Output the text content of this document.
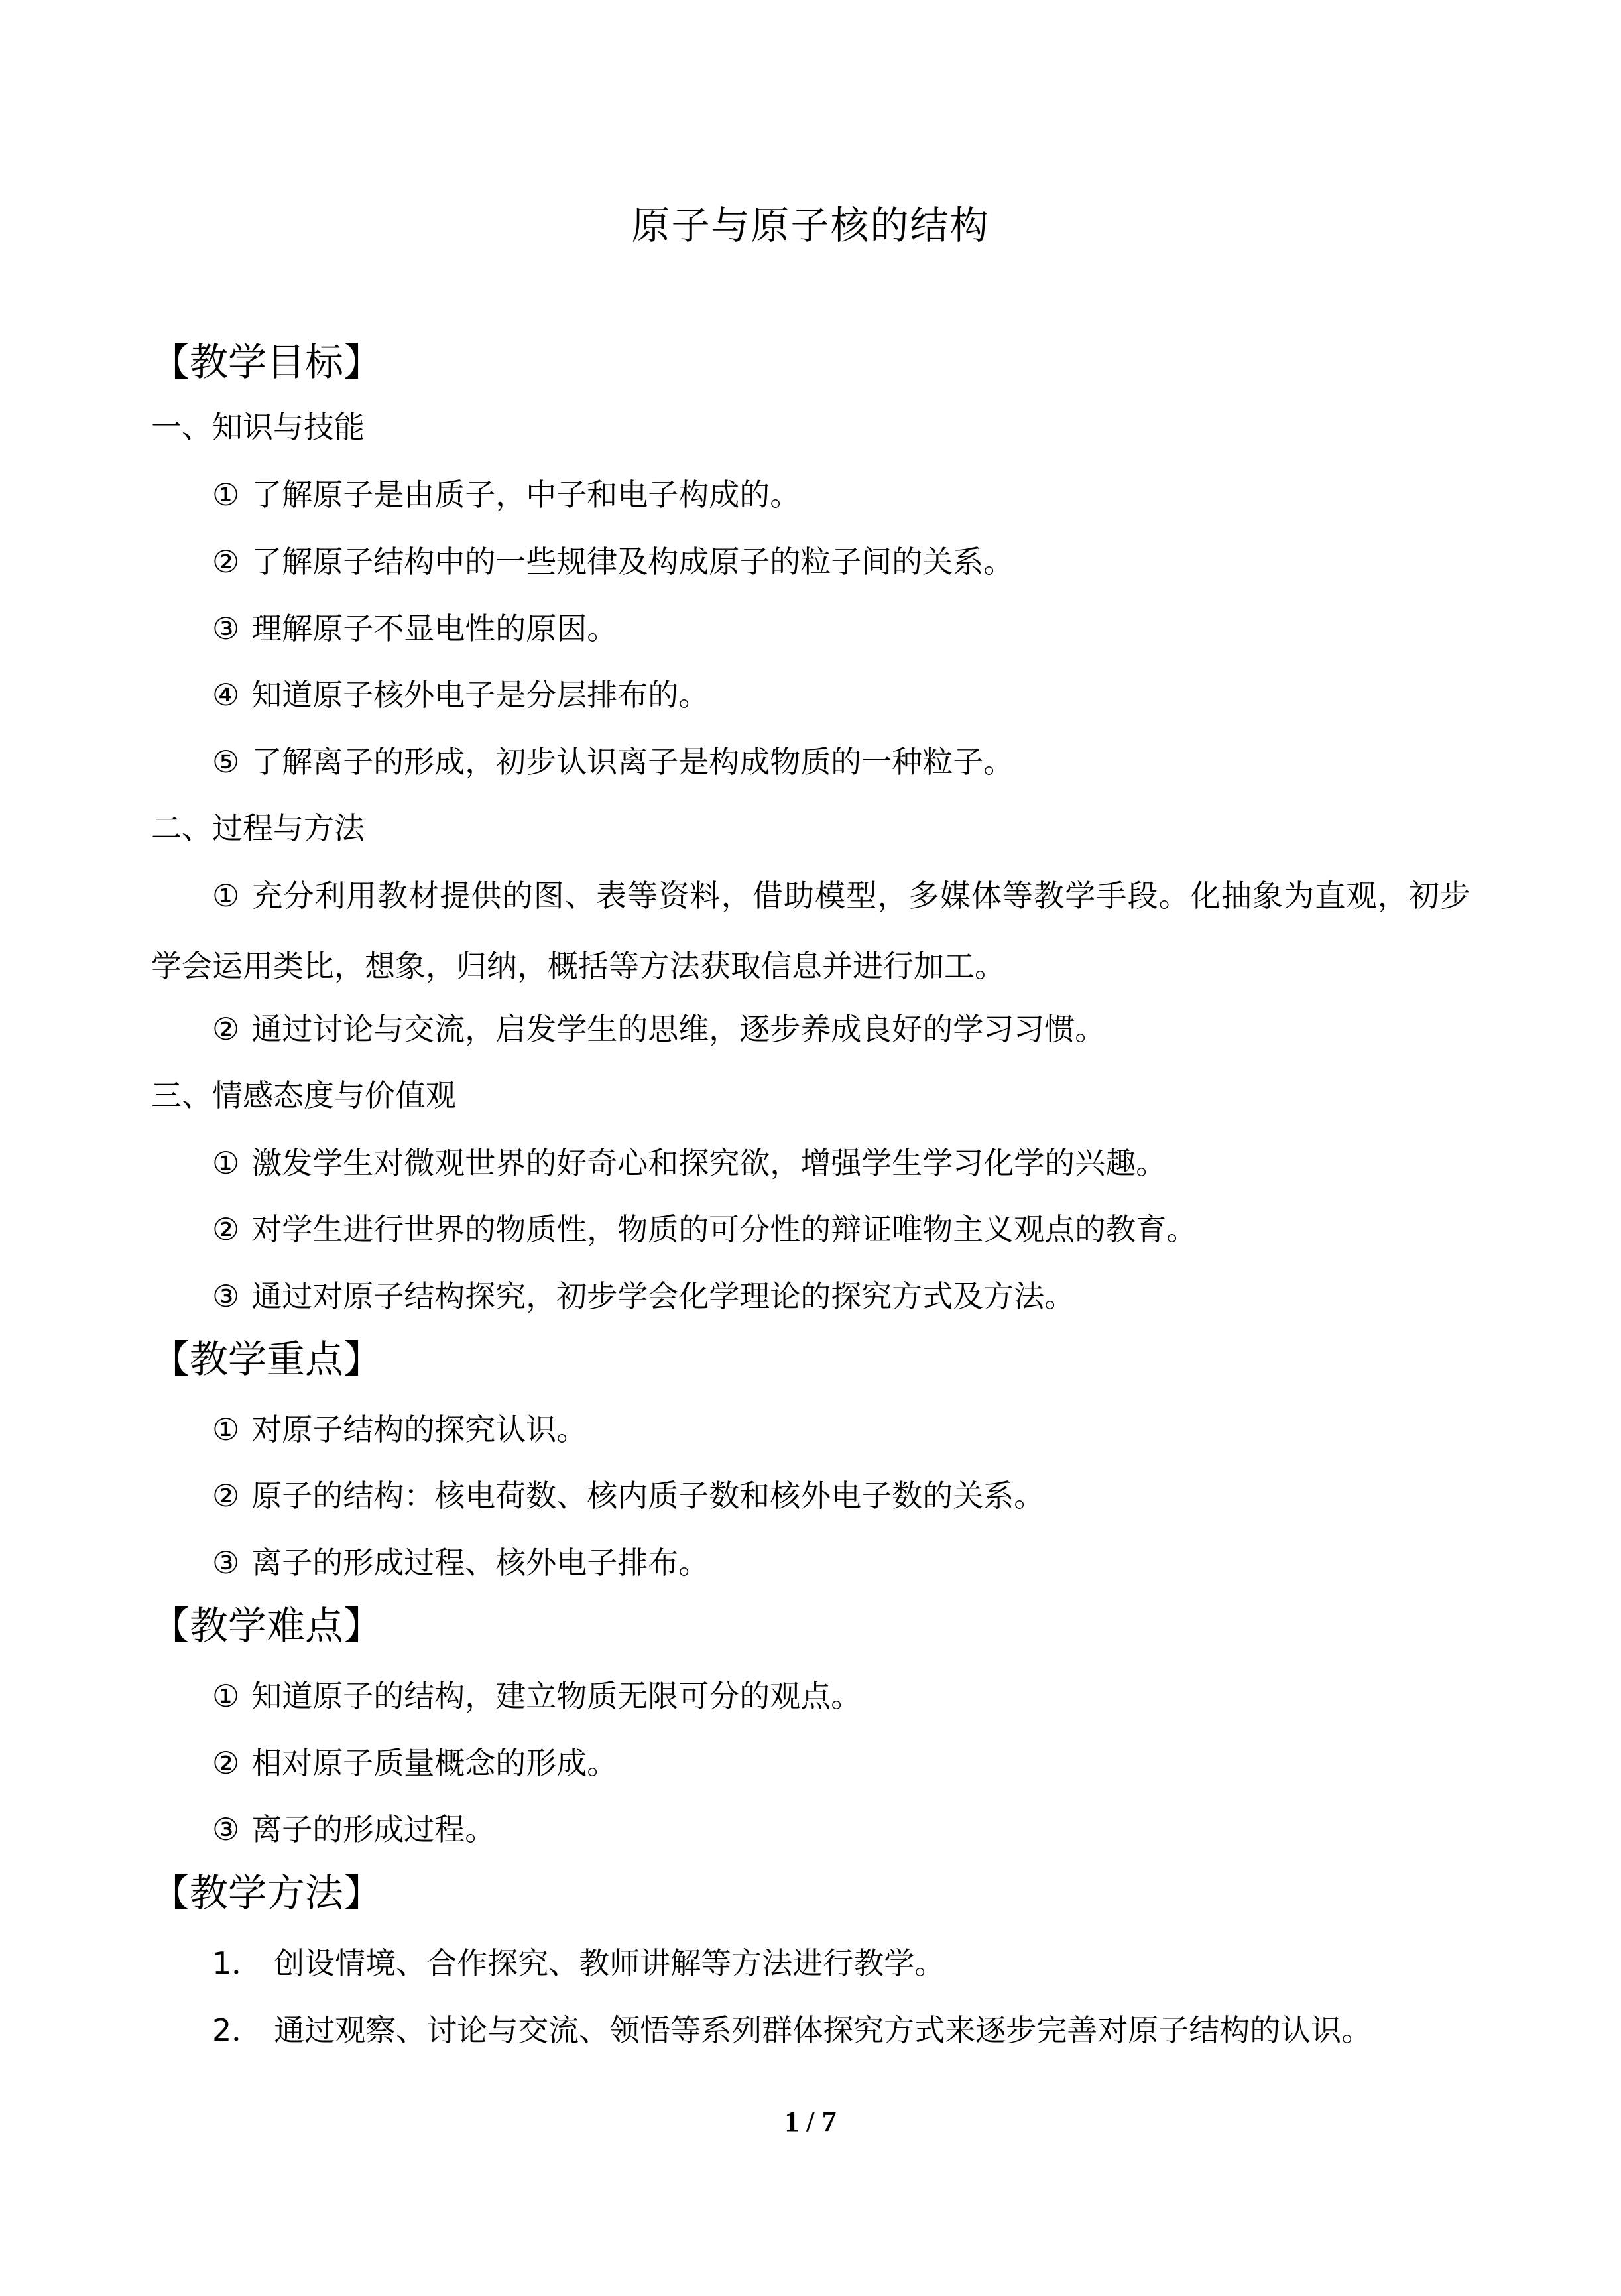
原子与原子核的结构
【教学目标】
一、知识与技能
① 了解原子是由质子，中子和电子构成的。
② 了解原子结构中的一些规律及构成原子的粒子间的关系。
③ 理解原子不显电性的原因。
④ 知道原子核外电子是分层排布的。
⑤ 了解离子的形成，初步认识离子是构成物质的一种粒子。
二、过程与方法
① 充分利用教材提供的图、表等资料，借助模型，多媒体等教学手段。化抽象为直观，初步学会运用类比，想象，归纳，概括等方法获取信息并进行加工。
② 通过讨论与交流，启发学生的思维，逐步养成良好的学习习惯。
三、情感态度与价值观
① 激发学生对微观世界的好奇心和探究欲，增强学生学习化学的兴趣。
② 对学生进行世界的物质性，物质的可分性的辩证唯物主义观点的教育。
③ 通过对原子结构探究，初步学会化学理论的探究方式及方法。
【教学重点】
① 对原子结构的探究认识。
② 原子的结构：核电荷数、核内质子数和核外电子数的关系。
③ 离子的形成过程、核外电子排布。
【教学难点】
① 知道原子的结构，建立物质无限可分的观点。
② 相对原子质量概念的形成。
③ 离子的形成过程。
【教学方法】
1． 创设情境、合作探究、教师讲解等方法进行教学。
2． 通过观察、讨论与交流、领悟等系列群体探究方式来逐步完善对原子结构的认识。
1 / 7
